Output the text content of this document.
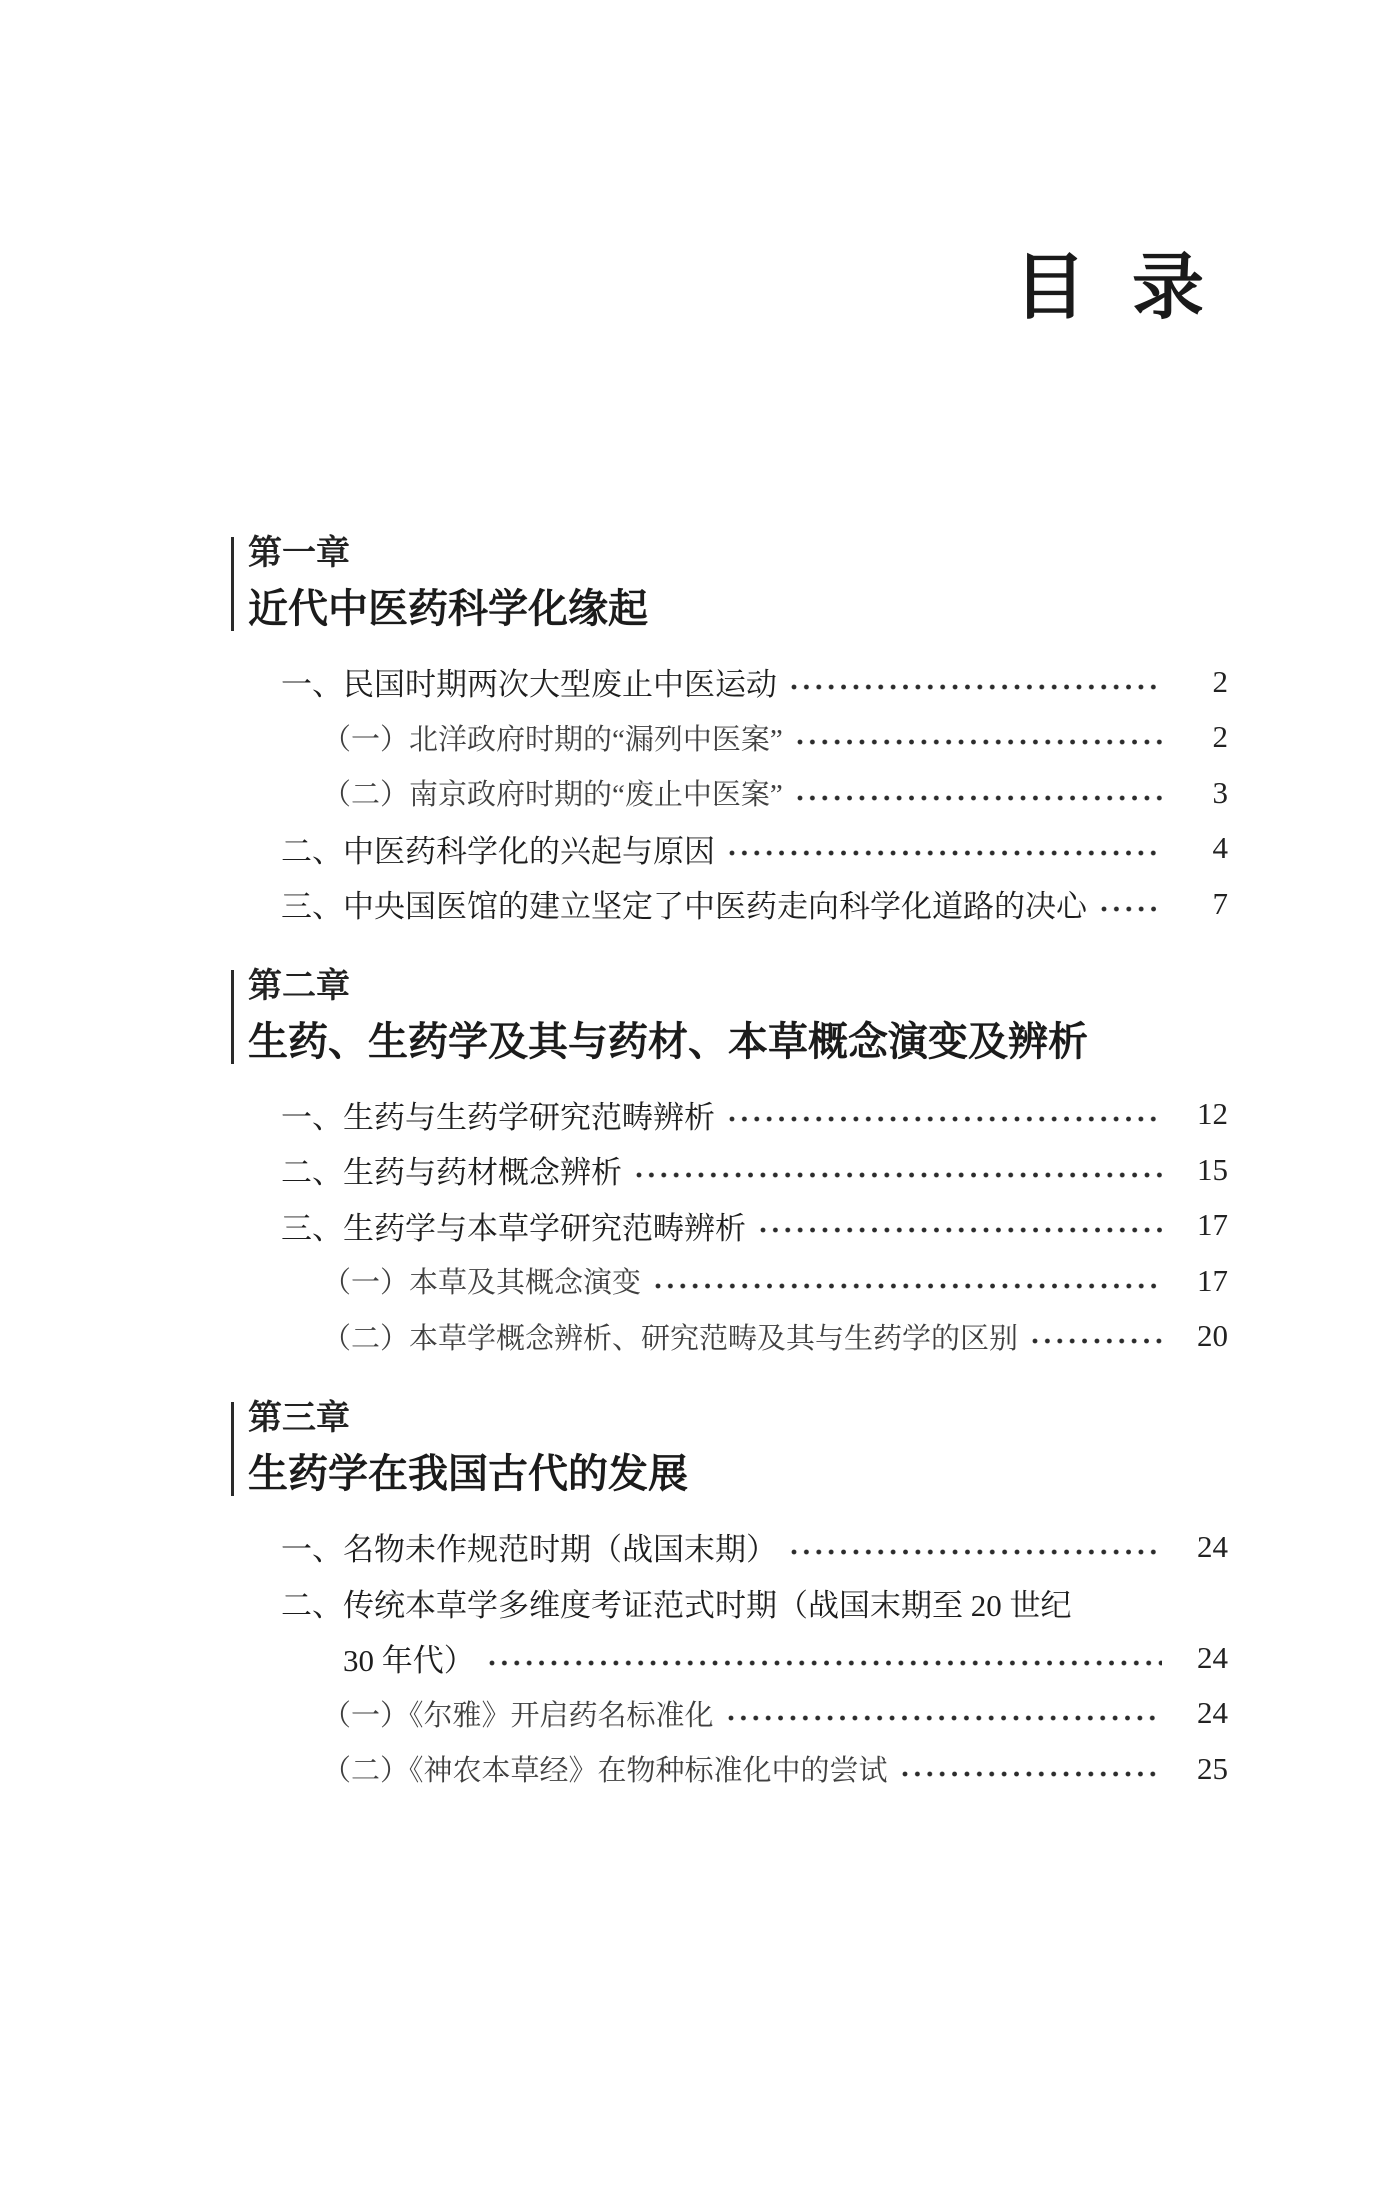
目 录
第一章
近代中医药科学化缘起
一、民国时期两次大型废止中医运动	2
（一）北洋政府时期的“漏列中医案”	2
（二）南京政府时期的“废止中医案”	3
二、中医药科学化的兴起与原因	4
三、中央国医馆的建立坚定了中医药走向科学化道路的决心	7
第二章
生药、生药学及其与药材、本草概念演变及辨析
一、生药与生药学研究范畴辨析	12
二、生药与药材概念辨析	15
三、生药学与本草学研究范畴辨析	17
（一）本草及其概念演变	17
（二）本草学概念辨析、研究范畴及其与生药学的区别	20
第三章
生药学在我国古代的发展
一、名物未作规范时期（战国末期）	24
二、传统本草学多维度考证范式时期（战国末期至 20 世纪
30 年代）	24
（一）《尔雅》开启药名标准化	24
（二）《神农本草经》在物种标准化中的尝试	25
